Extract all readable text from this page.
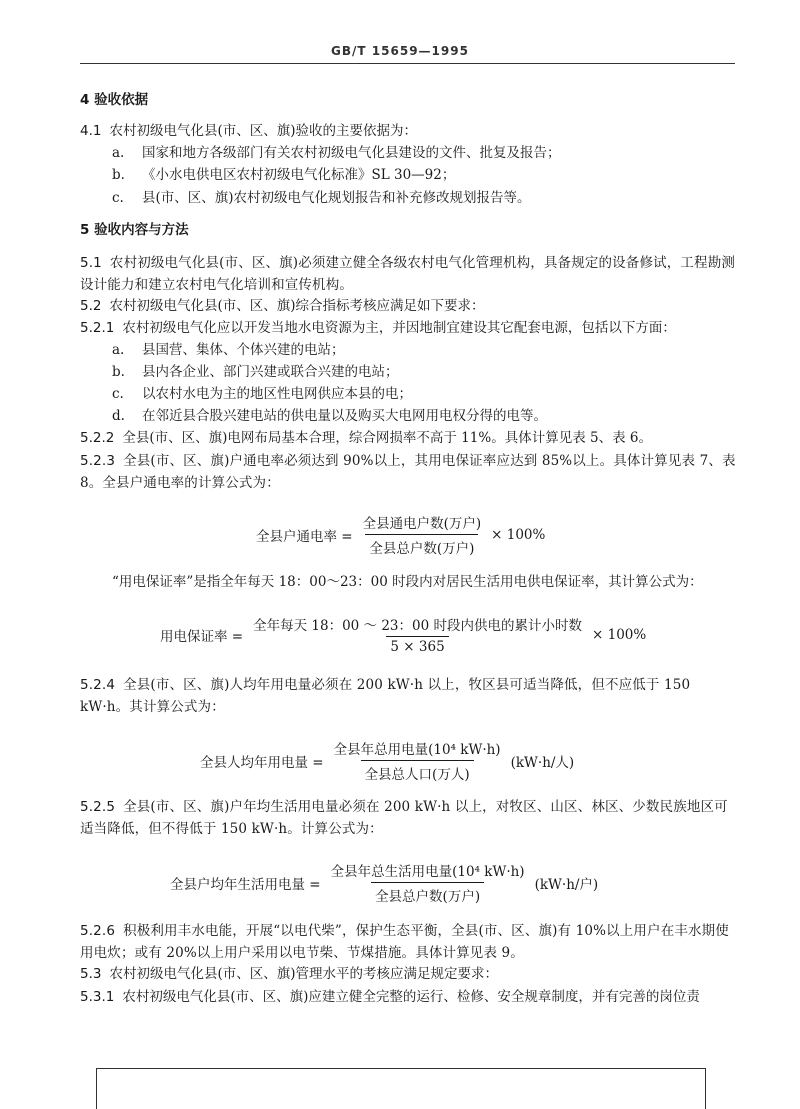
GB/T 15659—1995
4 验收依据
4.1 农村初级电气化县(市、区、旗)验收的主要依据为：
a. 国家和地方各级部门有关农村初级电气化县建设的文件、批复及报告；
b. 《小水电供电区农村初级电气化标准》SL 30—92；
c. 县(市、区、旗)农村初级电气化规划报告和补充修改规划报告等。
5 验收内容与方法
5.1 农村初级电气化县(市、区、旗)必须建立健全各级农村电气化管理机构，具备规定的设备修试，工程勘测设计能力和建立农村电气化培训和宣传机构。
5.2 农村初级电气化县(市、区、旗)综合指标考核应满足如下要求：
5.2.1 农村初级电气化应以开发当地水电资源为主，并因地制宜建设其它配套电源，包括以下方面：
a. 县国营、集体、个体兴建的电站；
b. 县内各企业、部门兴建或联合兴建的电站；
c. 以农村水电为主的地区性电网供应本县的电；
d. 在邻近县合股兴建电站的供电量以及购买大电网用电权分得的电等。
5.2.2 全县(市、区、旗)电网布局基本合理，综合网损率不高于 11%。具体计算见表 5、表 6。
5.2.3 全县(市、区、旗)户通电率必须达到 90%以上，其用电保证率应达到 85%以上。具体计算见表 7、表 8。全县户通电率的计算公式为：
全县户通电率 = $\frac{\text{全县通电户数(万户)}}{\text{全县总户数(万户)}} \times 100\%$
“用电保证率”是指全年每天 18：00～23：00 时段内对居民生活用电供电保证率，其计算公式为：
用电保证率 = $\frac{\text{全年每天 18：00 ～ 23：00 时段内供电的累计小时数}}{5 \times 365} \times 100\%$
5.2.4 全县(市、区、旗)人均年用电量必须在 200 kW·h 以上，牧区县可适当降低，但不应低于 150 kW·h。其计算公式为：
全县人均年用电量 = $\frac{\text{全县年总用电量(10⁴ kW·h)}}{\text{全县总人口(万人)}} (kW\cdot h/$人)
5.2.5 全县(市、区、旗)户年均生活用电量必须在 200 kW·h 以上，对牧区、山区、林区、少数民族地区可适当降低，但不得低于 150 kW·h。计算公式为：
全县户均年生活用电量 = $\frac{\text{全县年总生活用电量(10⁴ kW·h)}}{\text{全县总户数(万户)}} (kW\cdot h/$户)
5.2.6 积极利用丰水电能，开展“以电代柴”，保护生态平衡，全县(市、区、旗)有 10%以上用户在丰水期使用电炊；或有 20%以上用户采用以电节柴、节煤措施。具体计算见表 9。
5.3 农村初级电气化县(市、区、旗)管理水平的考核应满足规定要求：
5.3.1 农村初级电气化县(市、区、旗)应建立健全完整的运行、检修、安全规章制度，并有完善的岗位责
